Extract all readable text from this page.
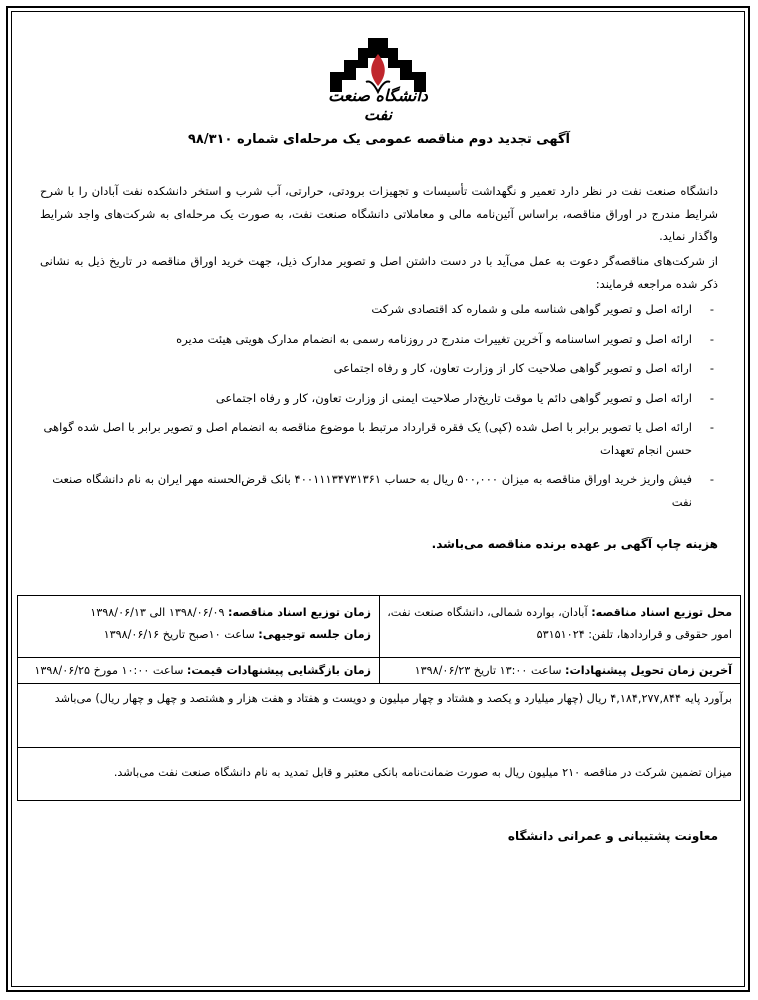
دانشگاه صنعت نفت
آگهی تجدید دوم مناقصه عمومی یک مرحله‌ای شماره ۹۸/۳۱۰
دانشگاه صنعت نفت در نظر دارد تعمیر و نگهداشت تأسیسات و تجهیزات برودتی، حرارتی، آب شرب و استخر دانشکده نفت آبادان را با شرح شرایط مندرج در اوراق مناقصه، براساس آئین‌نامه مالی و معاملاتی دانشگاه صنعت نفت، به صورت یک مرحله‌ای به شرکت‌های واجد شرایط واگذار نماید.
از شرکت‌های مناقصه‌گر دعوت به عمل می‌آید با در دست داشتن اصل و تصویر مدارک ذیل، جهت خرید اوراق مناقصه در تاریخ ذیل به نشانی ذکر شده مراجعه فرمایند:
- ارائه اصل و تصویر گواهی شناسه ملی و شماره کد اقتصادی شرکت
- ارائه اصل و تصویر اساسنامه و آخرین تغییرات مندرج در روزنامه رسمی به انضمام مدارک هویتی هیئت مدیره
- ارائه اصل و تصویر گواهی صلاحیت کار از وزارت تعاون، کار و رفاه اجتماعی
- ارائه اصل و تصویر گواهی دائم یا موقت تاریخ‌دار صلاحیت ایمنی از وزارت تعاون، کار و رفاه اجتماعی
- ارائه اصل یا تصویر برابر با اصل شده (کپی) یک فقره قرارداد مرتبط با موضوع مناقصه به انضمام اصل و تصویر برابر با اصل شده گواهی حسن انجام تعهدات
- فیش واریز خرید اوراق مناقصه به میزان ۵۰۰,۰۰۰ ریال به حساب ۴۰۰۱۱۱۳۴۷۳۱۳۶۱ بانک قرض‌الحسنه مهر ایران به نام دانشگاه صنعت نفت
هزینه چاپ آگهی بر عهده برنده مناقصه می‌باشد.
محل توزیع اسناد مناقصه: آبادان، بوارده شمالی، دانشگاه صنعت نفت، امور حقوقی و قراردادها، تلفن: ۵۳۱۵۱۰۲۴
زمان توزیع اسناد مناقصه: ۱۳۹۸/۰۶/۰۹ الی ۱۳۹۸/۰۶/۱۳
زمان جلسه توجیهی: ساعت ۱۰صبح تاریخ ۱۳۹۸/۰۶/۱۶
آخرین زمان تحویل پیشنهادات: ساعت ۱۳:۰۰ تاریخ ۱۳۹۸/۰۶/۲۳
زمان بازگشایی پیشنهادات قیمت: ساعت ۱۰:۰۰ مورخ ۱۳۹۸/۰۶/۲۵
برآورد پایه ۴,۱۸۴,۲۷۷,۸۴۴ ریال (چهار میلیارد و یکصد و هشتاد و چهار میلیون و دویست و هفتاد و هفت هزار و هشتصد و چهل و چهار ریال) می‌باشد
میزان تضمین شرکت در مناقصه ۲۱۰ میلیون ریال به صورت ضمانت‌نامه بانکی معتبر و قابل تمدید به نام دانشگاه صنعت نفت می‌باشد.
معاونت پشتیبانی و عمرانی دانشگاه
